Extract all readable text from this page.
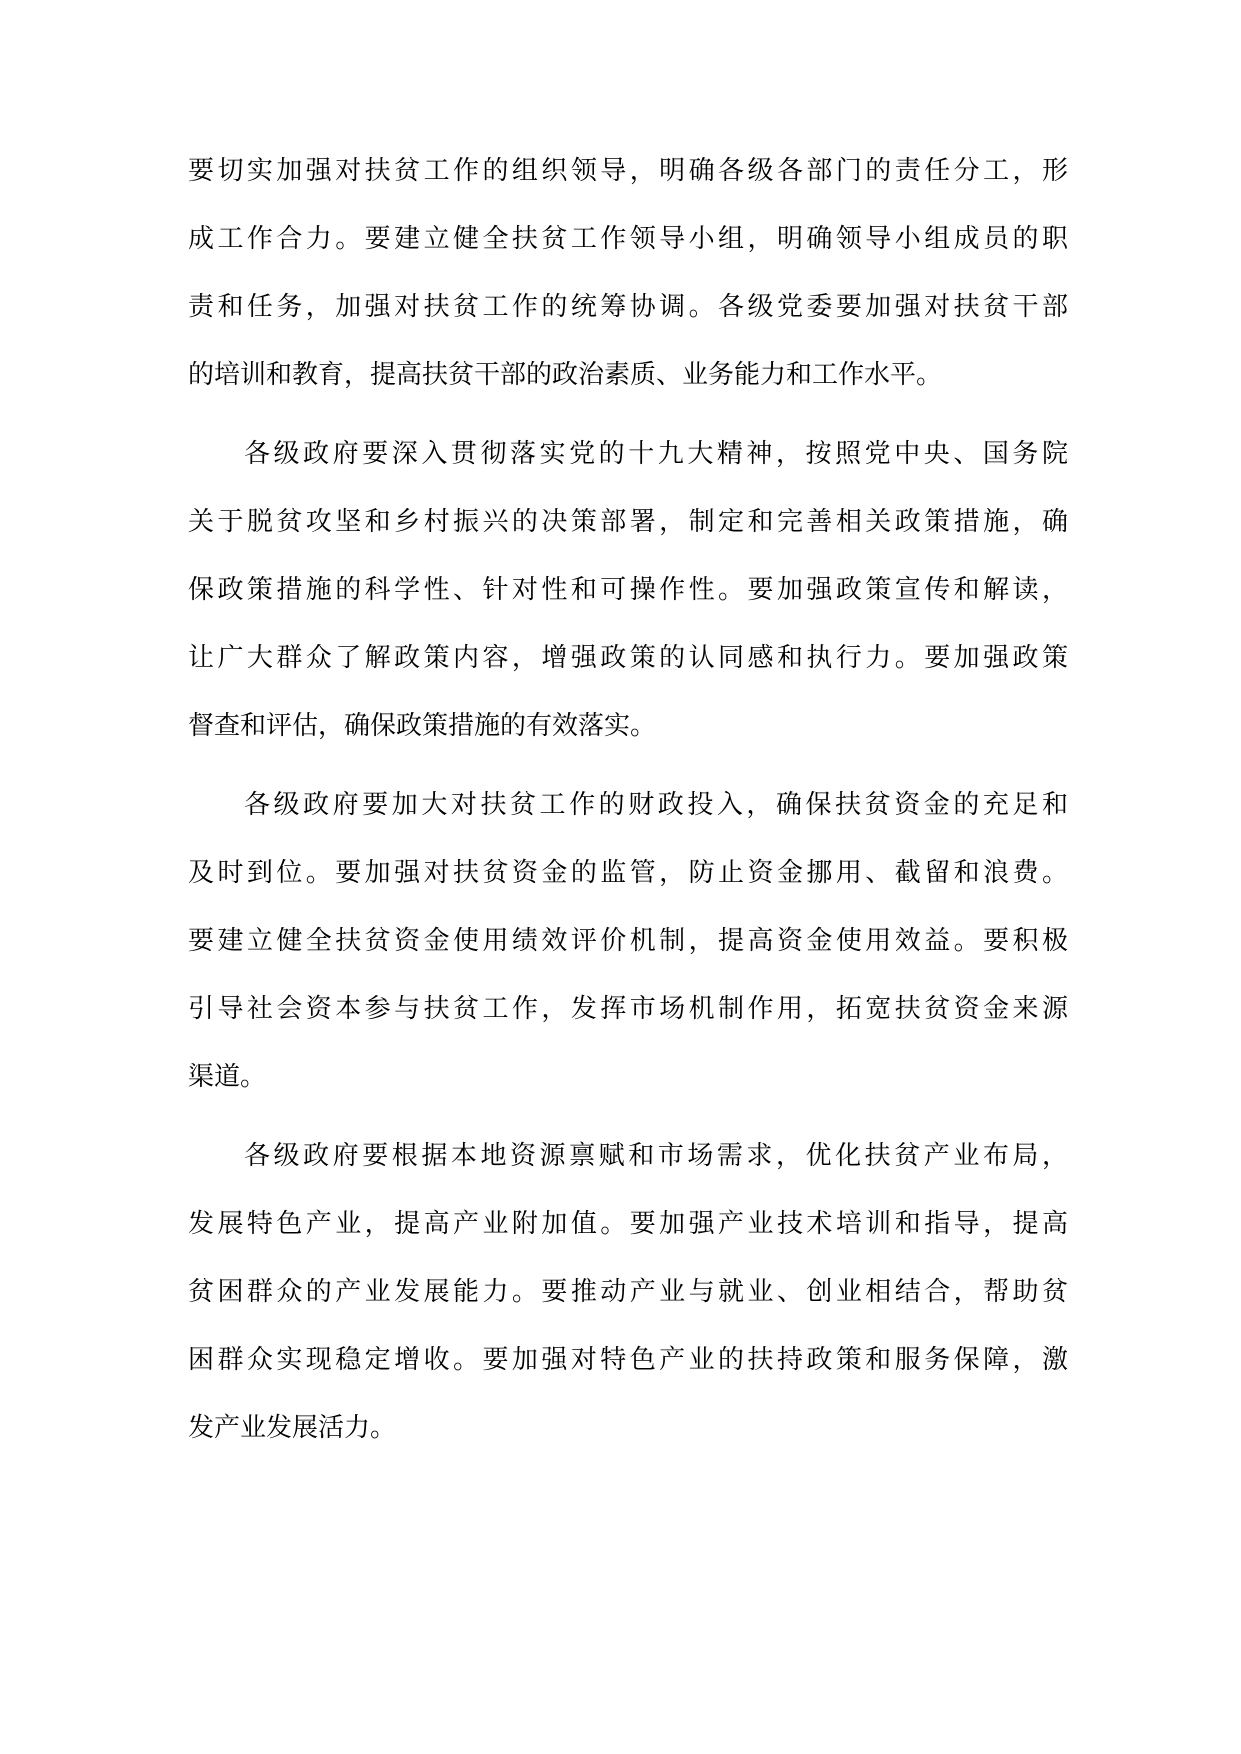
要切实加强对扶贫工作的组织领导，明确各级各部门的责任分工，形
成工作合力。要建立健全扶贫工作领导小组，明确领导小组成员的职
责和任务，加强对扶贫工作的统筹协调。各级党委要加强对扶贫干部
的培训和教育，提高扶贫干部的政治素质、业务能力和工作水平。
各级政府要深入贯彻落实党的十九大精神，按照党中央、国务院
关于脱贫攻坚和乡村振兴的决策部署，制定和完善相关政策措施，确
保政策措施的科学性、针对性和可操作性。要加强政策宣传和解读，
让广大群众了解政策内容，增强政策的认同感和执行力。要加强政策
督查和评估，确保政策措施的有效落实。
各级政府要加大对扶贫工作的财政投入，确保扶贫资金的充足和
及时到位。要加强对扶贫资金的监管，防止资金挪用、截留和浪费。
要建立健全扶贫资金使用绩效评价机制，提高资金使用效益。要积极
引导社会资本参与扶贫工作，发挥市场机制作用，拓宽扶贫资金来源
渠道。
各级政府要根据本地资源禀赋和市场需求，优化扶贫产业布局，
发展特色产业，提高产业附加值。要加强产业技术培训和指导，提高
贫困群众的产业发展能力。要推动产业与就业、创业相结合，帮助贫
困群众实现稳定增收。要加强对特色产业的扶持政策和服务保障，激
发产业发展活力。
